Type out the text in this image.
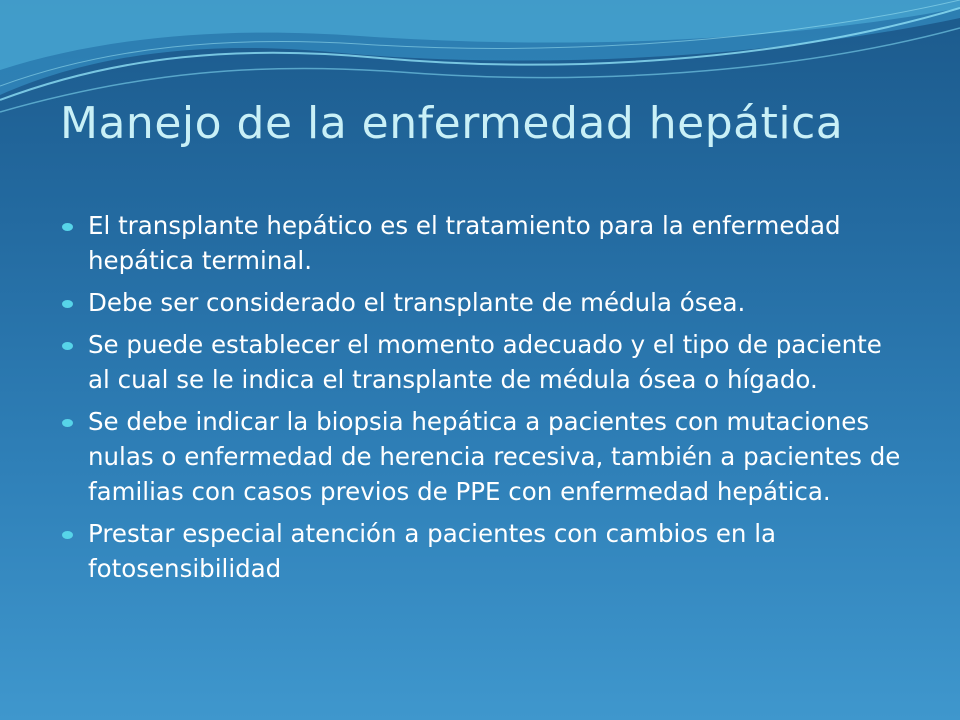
Manejo de la enfermedad hepática
El transplante hepático es el tratamiento para la enfermedad hepática terminal.
Debe ser considerado el transplante de médula ósea.
Se puede establecer el momento adecuado y el tipo de paciente al cual se le indica el transplante de médula ósea o hígado.
Se debe indicar la biopsia hepática a pacientes con mutaciones nulas o enfermedad de herencia recesiva, también a pacientes de familias con casos previos de PPE con enfermedad hepática.
Prestar especial atención a pacientes con cambios en la fotosensibilidad
